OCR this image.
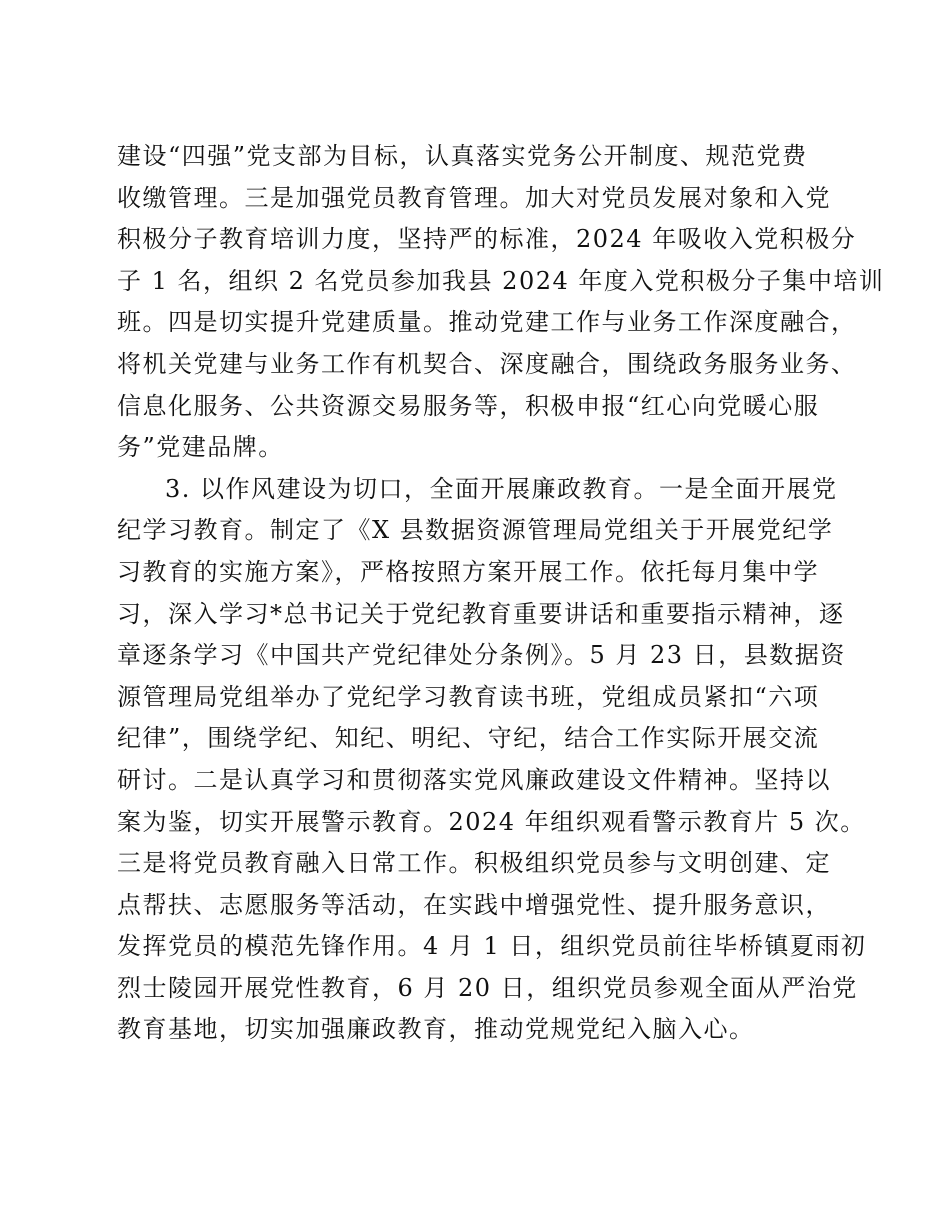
建设“四强”党支部为目标，认真落实党务公开制度、规范党费
收缴管理。三是加强党员教育管理。加大对党员发展对象和入党
积极分子教育培训力度，坚持严的标准，2024 年吸收入党积极分
子 1 名，组织 2 名党员参加我县 2024 年度入党积极分子集中培训
班。四是切实提升党建质量。推动党建工作与业务工作深度融合，
将机关党建与业务工作有机契合、深度融合，围绕政务服务业务、
信息化服务、公共资源交易服务等，积极申报“红心向党暖心服
务”党建品牌。
3. 以作风建设为切口，全面开展廉政教育。一是全面开展党
纪学习教育。制定了《X 县数据资源管理局党组关于开展党纪学
习教育的实施方案》，严格按照方案开展工作。依托每月集中学
习，深入学习*总书记关于党纪教育重要讲话和重要指示精神，逐
章逐条学习《中国共产党纪律处分条例》。5 月 23 日，县数据资
源管理局党组举办了党纪学习教育读书班，党组成员紧扣“六项
纪律”，围绕学纪、知纪、明纪、守纪，结合工作实际开展交流
研讨。二是认真学习和贯彻落实党风廉政建设文件精神。坚持以
案为鉴，切实开展警示教育。2024 年组织观看警示教育片 5 次。
三是将党员教育融入日常工作。积极组织党员参与文明创建、定
点帮扶、志愿服务等活动，在实践中增强党性、提升服务意识，
发挥党员的模范先锋作用。4 月 1 日，组织党员前往毕桥镇夏雨初
烈士陵园开展党性教育，6 月 20 日，组织党员参观全面从严治党
教育基地，切实加强廉政教育，推动党规党纪入脑入心。
